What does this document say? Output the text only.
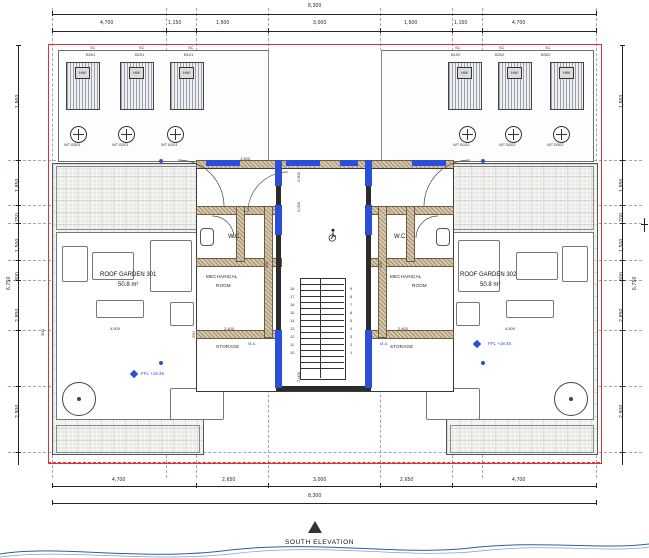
8,300
4,700	1,150	1,500	3,000	1,500	1,150	4,700
1,860
1,850
750
1,500
800
2,850
2,900
6,750
1,860
1,850
700
1,500
800
2,850
2,900
6,750
HW	HW	HW
SC
B301
SC
B201
SC
B101
WT B301	WT B201	WT B101
HW	HW	HW
SC
B102
SC
B202
SC
B302
WT B102	WT B202	WT B302
ROOF GARDEN 301
50.8 m²
ROOF GARDEN 302
50.8 m²
W.C.	W.C.
MECHANICAL
ROOM
MECHANICAL
ROOM
STORAGE	STORAGE
M.A.	M.A.
18
17
16
15
14
13
12
11
10
9
8
7
6
5
4
3
2
1
FFL +18.45
FFL +18.45
1,500
2,000
2,000
2,000
2,400	2,400
4,500	4,500
300	250
800	900
4,700	2,650	3,000	2,650	4,700
8,300
SOUTH ELEVATION
